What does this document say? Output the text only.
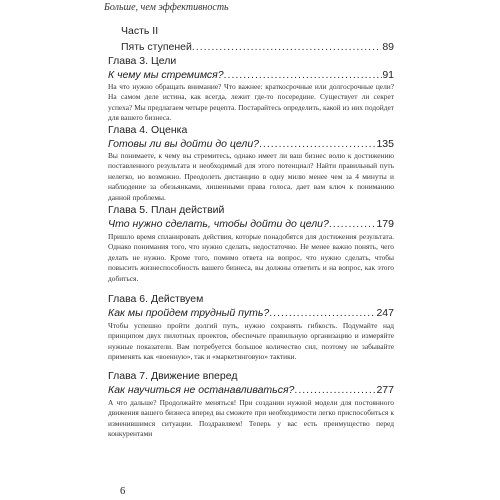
Больше, чем эффективность
Часть II
Пять ступеней .....	89
Глава 3. Цели
К чему мы стремимся? .....	91
На что нужно обращать внимание? Что важнее: краткосрочные или долгосрочные цели? На самом деле истина, как всегда, лежит где-то посередине. Существует ли секрет успеха? Мы предлагаем четыре рецепта. Постарайтесь определить, какой из них подойдет для вашего бизнеса.
Глава 4. Оценка
Готовы ли вы дойти до цели? .....	135
Вы понимаете, к чему вы стремитесь, однако имеет ли ваш бизнес волю к достижению поставленного результата и необходимый для этого потенциал? Найти правильный путь нелегко, но возможно. Преодолеть дистанцию в одну милю менее чем за 4 минуты и наблюдение за обезьянками, лишенными права голоса, дает вам ключ к пониманию данной проблемы.
Глава 5. План действий
Что нужно сделать, чтобы дойти до цели? .....	179
Пришло время спланировать действия, которые понадобятся для достижения результата. Однако понимания того, что нужно сделать, недостаточно. Не менее важно понять, чего делать не нужно. Кроме того, помимо ответа на вопрос, что нужно сделать, чтобы повысить жизнеспособность вашего бизнеса, вы должны ответить и на вопрос, как этого добиться.
Глава 6. Действуем
Как мы пройдем трудный путь? .....	247
Чтобы успешно пройти долгий путь, нужно сохранять гибкость. Подумайте над принципом двух пилотных проектов, обеспечьте правильную организацию и измеряйте нужные показатели. Вам потребуется большое количество сил, поэтому не забывайте применять как «военную», так и «маркетинговую» тактики.
Глава 7. Движение вперед
Как научиться не останавливаться? .....	277
А что дальше? Продолжайте меняться! При создании нужной модели для постоянного движения вашего бизнеса вперед вы сможете при необходимости легко приспособиться к изменившимся ситуации. Поздравляем! Теперь у вас есть преимущество перед конкурентами
6
